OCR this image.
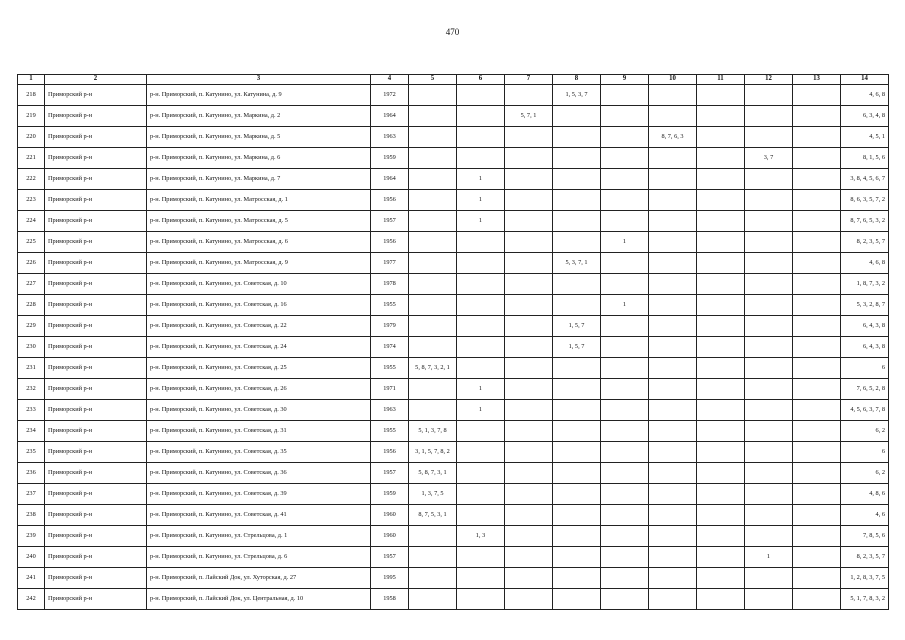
470
1	2	3	4	5	6	7	8	9	10	11	12	13	14
218	Приморский р-н	р-н. Приморский, п. Катунино, ул. Катунина, д. 9	1972				1, 5, 3, 7						4, 6, 8
219	Приморский р-н	р-н. Приморский, п. Катунино, ул. Маркина, д. 2	1964			5, 7, 1							6, 3, 4, 8
220	Приморский р-н	р-н. Приморский, п. Катунино, ул. Маркина, д. 5	1963						8, 7, 6, 3				4, 5, 1
221	Приморский р-н	р-н. Приморский, п. Катунино, ул. Маркина, д. 6	1959								3, 7		8, 1, 5, 6
222	Приморский р-н	р-н. Приморский, п. Катунино, ул. Маркина, д. 7	1964		1								3, 8, 4, 5, 6, 7
223	Приморский р-н	р-н. Приморский, п. Катунино, ул. Матросская, д. 1	1956		1								8, 6, 3, 5, 7, 2
224	Приморский р-н	р-н. Приморский, п. Катунино, ул. Матросская, д. 5	1957		1								8, 7, 6, 5, 3, 2
225	Приморский р-н	р-н. Приморский, п. Катунино, ул. Матросская, д. 6	1956					1					8, 2, 3, 5, 7
226	Приморский р-н	р-н. Приморский, п. Катунино, ул. Матросская, д. 9	1977				5, 3, 7, 1						4, 6, 8
227	Приморский р-н	р-н. Приморский, п. Катунино, ул. Советская, д. 10	1978										1, 8, 7, 3, 2
228	Приморский р-н	р-н. Приморский, п. Катунино, ул. Советская, д. 16	1955					1					5, 3, 2, 8, 7
229	Приморский р-н	р-н. Приморский, п. Катунино, ул. Советская, д. 22	1979				1, 5, 7						6, 4, 3, 8
230	Приморский р-н	р-н. Приморский, п. Катунино, ул. Советская, д. 24	1974				1, 5, 7						6, 4, 3, 8
231	Приморский р-н	р-н. Приморский, п. Катунино, ул. Советская, д. 25	1955	5, 8, 7, 3, 2, 1									6
232	Приморский р-н	р-н. Приморский, п. Катунино, ул. Советская, д. 26	1971		1								7, 6, 5, 2, 8
233	Приморский р-н	р-н. Приморский, п. Катунино, ул. Советская, д. 30	1963		1								4, 5, 6, 3, 7, 8
234	Приморский р-н	р-н. Приморский, п. Катунино, ул. Советская, д. 31	1955	5, 1, 3, 7, 8									6, 2
235	Приморский р-н	р-н. Приморский, п. Катунино, ул. Советская, д. 35	1956	3, 1, 5, 7, 8, 2									6
236	Приморский р-н	р-н. Приморский, п. Катунино, ул. Советская, д. 36	1957	5, 8, 7, 3, 1									6, 2
237	Приморский р-н	р-н. Приморский, п. Катунино, ул. Советская, д. 39	1959	1, 3, 7, 5									4, 8, 6
238	Приморский р-н	р-н. Приморский, п. Катунино, ул. Советская, д. 41	1960	8, 7, 5, 3, 1									4, 6
239	Приморский р-н	р-н. Приморский, п. Катунино, ул. Стрельцова, д. 1	1960		1, 3								7, 8, 5, 6
240	Приморский р-н	р-н. Приморский, п. Катунино, ул. Стрельцова, д. 6	1957								1		8, 2, 3, 5, 7
241	Приморский р-н	р-н. Приморский, п. Лайский Док, ул. Хуторская, д. 27	1995										1, 2, 8, 3, 7, 5
242	Приморский р-н	р-н. Приморский, п. Лайский Док, ул. Центральная, д. 10	1958										5, 1, 7, 8, 3, 2
